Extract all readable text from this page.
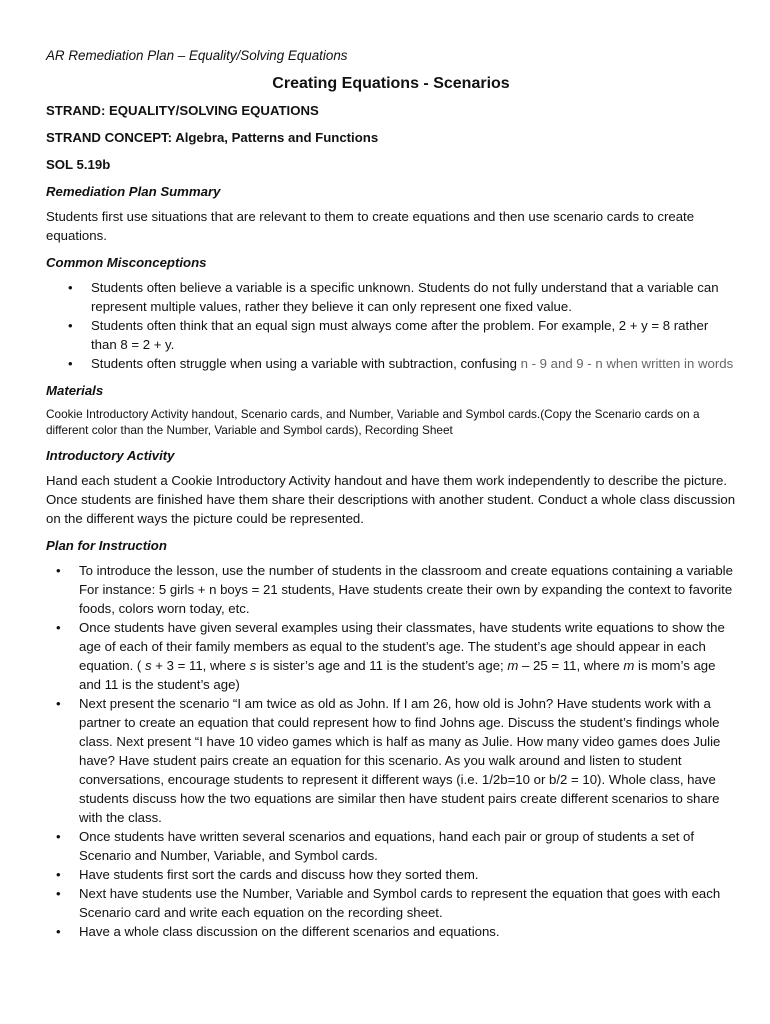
AR Remediation Plan – Equality/Solving Equations
Creating Equations - Scenarios
STRAND: EQUALITY/SOLVING EQUATIONS
STRAND CONCEPT: Algebra, Patterns and Functions
SOL 5.19b
Remediation Plan Summary

Students first use situations that are relevant to them to create equations and then use scenario cards to create equations.

Common Misconceptions
• Students often believe a variable is a specific unknown. Students do not fully understand that a variable can represent multiple values, rather they believe it can only represent one fixed value.
• Students often think that an equal sign must always come after the problem. For example, 2 + y = 8 rather than 8 = 2 + y.
• Students often struggle when using a variable with subtraction, confusing n - 9 and 9 - n when written in words
Materials

Cookie Introductory Activity handout, Scenario cards, and Number, Variable and Symbol cards.(Copy the Scenario cards on a different color than the Number, Variable and Symbol cards), Recording Sheet

Introductory Activity

Hand each student a Cookie Introductory Activity handout and have them work independently to describe the picture. Once students are finished have them share their descriptions with another student. Conduct a whole class discussion on the different ways the picture could be represented.

Plan for Instruction
• To introduce the lesson, use the number of students in the classroom and create equations containing a variable For instance: 5 girls + n boys = 21 students, Have students create their own by expanding the context to favorite foods, colors worn today, etc.
• Once students have given several examples using their classmates, have students write equations to show the age of each of their family members as equal to the student’s age. The student’s age should appear in each equation. ( s + 3 = 11, where s is sister’s age and 11 is the student’s age; m – 25 = 11, where m is mom’s age and 11 is the student’s age)
• Next present the scenario “I am twice as old as John. If I am 26, how old is John? Have students work with a partner to create an equation that could represent how to find Johns age. Discuss the student’s findings whole class. Next present “I have 10 video games which is half as many as Julie. How many video games does Julie have? Have student pairs create an equation for this scenario. As you walk around and listen to student conversations, encourage students to represent it different ways (i.e. 1/2b=10 or b/2 = 10). Whole class, have students discuss how the two equations are similar then have student pairs create different scenarios to share with the class.
• Once students have written several scenarios and equations, hand each pair or group of students a set of Scenario and Number, Variable, and Symbol cards.
• Have students first sort the cards and discuss how they sorted them.
• Next have students use the Number, Variable and Symbol cards to represent the equation that goes with each Scenario card and write each equation on the recording sheet.
• Have a whole class discussion on the different scenarios and equations.
